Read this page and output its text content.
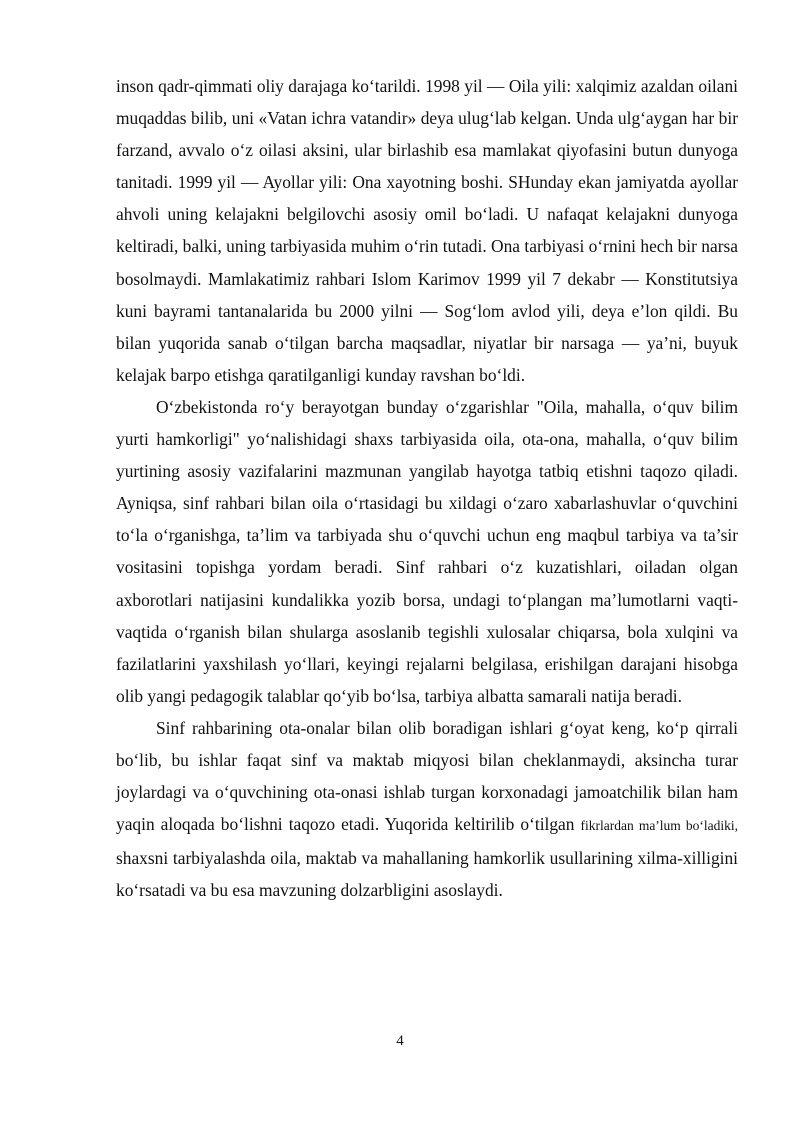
inson qadr-qimmati oliy darajaga ko‘tarildi. 1998 yil — Oila yili: xalqimiz azaldan oilani muqaddas bilib, uni «Vatan ichra vatandir» deya ulug‘lab kelgan. Unda ulg‘aygan har bir farzand, avvalo o‘z oilasi aksini, ular birlashib esa mamlakat qiyofasini butun dunyoga tanitadi. 1999 yil — Ayollar yili: Ona xayotning boshi. SHunday ekan jamiyatda ayollar ahvoli uning kelajakni belgilovchi asosiy omil bo‘ladi. U nafaqat kelajakni dunyoga keltiradi, balki, uning tarbiyasida muhim o‘rin tutadi. Ona tarbiyasi o‘rnini hech bir narsa bosolmaydi. Mamlakatimiz rahbari Islom Karimov 1999 yil 7 dekabr — Konstitutsiya kuni bayrami tantanalarida bu 2000 yilni — Sog‘lom avlod yili, deya e’lon qildi. Bu bilan yuqorida sanab o‘tilgan barcha maqsadlar, niyatlar bir narsaga — ya’ni, buyuk kelajak barpo etishga qaratilganligi kunday ravshan bo‘ldi.

O‘zbekistonda ro‘y berayotgan bunday o‘zgarishlar "Oila, mahalla, o‘quv bilim yurti hamkorligi" yo‘nalishidagi shaxs tarbiyasida oila, ota-ona, mahalla, o‘quv bilim yurtining asosiy vazifalarini mazmunan yangilab hayotga tatbiq etishni taqozo qiladi. Ayniqsa, sinf rahbari bilan oila o‘rtasidagi bu xildagi o‘zaro xabarlashuvlar o‘quvchini to‘la o‘rganishga, ta’lim va tarbiyada shu o‘quvchi uchun eng maqbul tarbiya va ta’sir vositasini topishga yordam beradi. Sinf rahbari o‘z kuzatishlari, oiladan olgan axborotlari natijasini kundalikka yozib borsa, undagi to‘plangan ma’lumotlarni vaqti-vaqtida o‘rganish bilan shularga asoslanib tegishli xulosalar chiqarsa, bola xulqini va fazilatlarini yaxshilash yo‘llari, keyingi rejalarni belgilasa, erishilgan darajani hisobga olib yangi pedagogik talablar qo‘yib bo‘lsa, tarbiya albatta samarali natija beradi.

Sinf rahbarining ota-onalar bilan olib boradigan ishlari g‘oyat keng, ko‘p qirrali bo‘lib, bu ishlar faqat sinf va maktab miqyosi bilan cheklanmaydi, aksincha turar joylardagi va o‘quvchining ota-onasi ishlab turgan korxonadagi jamoatchilik bilan ham yaqin aloqada bo‘lishni taqozo etadi. Yuqorida keltirilib o‘tilgan fikrlardan ma’lum bo‘ladiki, shaxsni tarbiyalashda oila, maktab va mahallaning hamkorlik usullarining xilma-xilligini ko‘rsatadi va bu esa mavzuning dolzarbligini asoslaydi.

4
